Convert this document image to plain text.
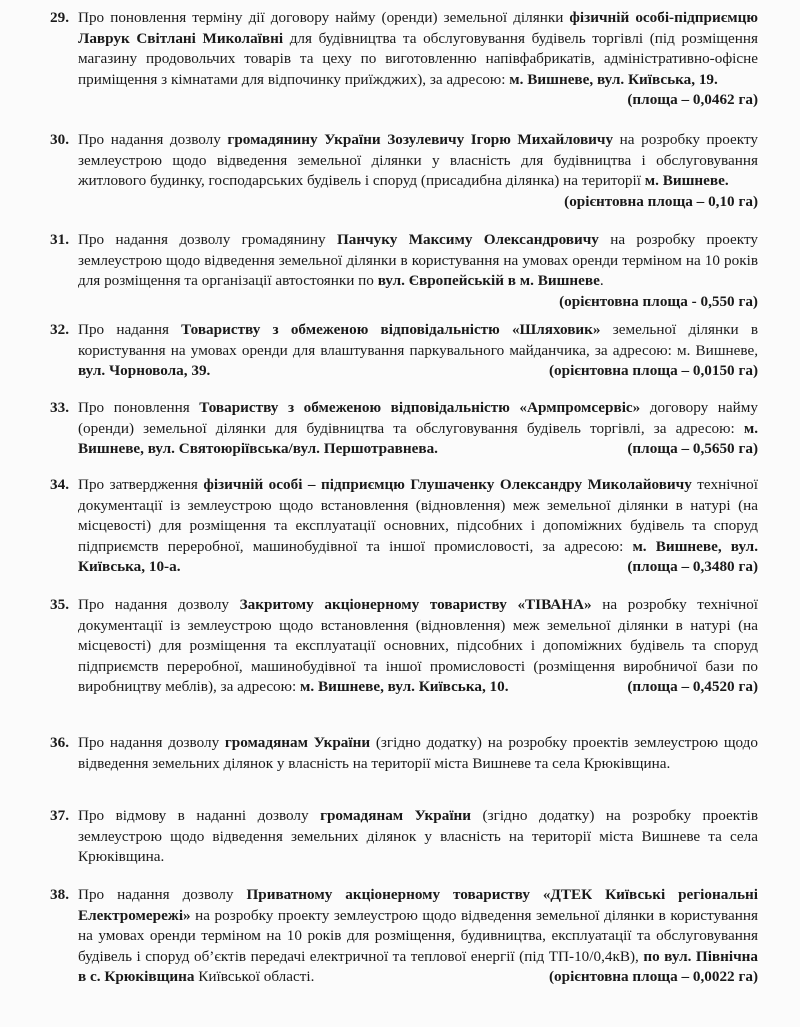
29. Про поновлення терміну дії договору найму (оренди) земельної ділянки фізичній особі-підприємцю Лаврук Світлані Миколаївні для будівництва та обслуговування будівель торгівлі (під розміщення магазину продовольчих товарів та цеху по виготовленню напівфабрикатів, адміністративно-офісне приміщення з кімнатами для відпочинку приїжджих), за адресою: м. Вишневе, вул. Київська, 19.
(площа – 0,0462 га)
30. Про надання дозволу громадянину України Зозулевичу Ігорю Михайловичу на розробку проекту землеустрою щодо відведення земельної ділянки у власність для будівництва і обслуговування житлового будинку, господарських будівель і споруд (присадибна ділянка) на території м. Вишневе.
(орієнтовна площа – 0,10 га)
31. Про надання дозволу громадянину Панчуку Максиму Олександровичу на розробку проекту землеустрою щодо відведення земельної ділянки в користування на умовах оренди терміном на 10 років для розміщення та організації автостоянки по вул. Європейській в м. Вишневе.
(орієнтовна площа - 0,550 га)
32. Про надання Товариству з обмеженою відповідальністю «Шляховик» земельної ділянки в користування на умовах оренди для влаштування паркувального майданчика, за адресою: м. Вишневе, вул. Чорновола, 39.	(орієнтовна площа – 0,0150 га)
33. Про поновлення Товариству з обмеженою відповідальністю «Армпромсервіс» договору найму (оренди) земельної ділянки для будівництва та обслуговування будівель торгівлі, за адресою: м. Вишневе, вул. Святоюріївська/вул. Першотравнева.	(площа – 0,5650 га)
34. Про затвердження фізичній особі – підприємцю Глушаченку Олександру Миколайовичу технічної документації із землеустрою щодо встановлення (відновлення) меж земельної ділянки в натурі (на місцевості) для розміщення та експлуатації основних, підсобних і допоміжних будівель та споруд підприємств переробної, машинобудівної та іншої промисловості, за адресою: м. Вишневе, вул. Київська, 10-а.	(площа – 0,3480 га)
35. Про надання дозволу Закритому акціонерному товариству «ТІВАНА» на розробку технічної документації із землеустрою щодо встановлення (відновлення) меж земельної ділянки в натурі (на місцевості) для розміщення та експлуатації основних, підсобних і допоміжних будівель та споруд підприємств переробної, машинобудівної та іншої промисловості (розміщення виробничої бази по виробництву меблів), за адресою: м. Вишневе, вул. Київська, 10.	(площа – 0,4520 га)
36. Про надання дозволу громадянам України (згідно додатку) на розробку проектів землеустрою щодо відведення земельних ділянок у власність на території міста Вишневе та села Крюківщина.
37. Про відмову в наданні дозволу громадянам України (згідно додатку) на розробку проектів землеустрою щодо відведення земельних ділянок у власність на території міста Вишневе та села Крюківщина.
38. Про надання дозволу Приватному акціонерному товариству «ДТЕК Київські регіональні Електромережі» на розробку проекту землеустрою щодо відведення земельної ділянки в користування на умовах оренди терміном на 10 років для розміщення, будивництва, експлуатації та обслуговування будівель і споруд об’єктів передачі електричної та теплової енергії (під ТП-10/0,4кВ), по вул. Північна в с. Крюківщина Київської області.	(орієнтовна площа – 0,0022 га)
